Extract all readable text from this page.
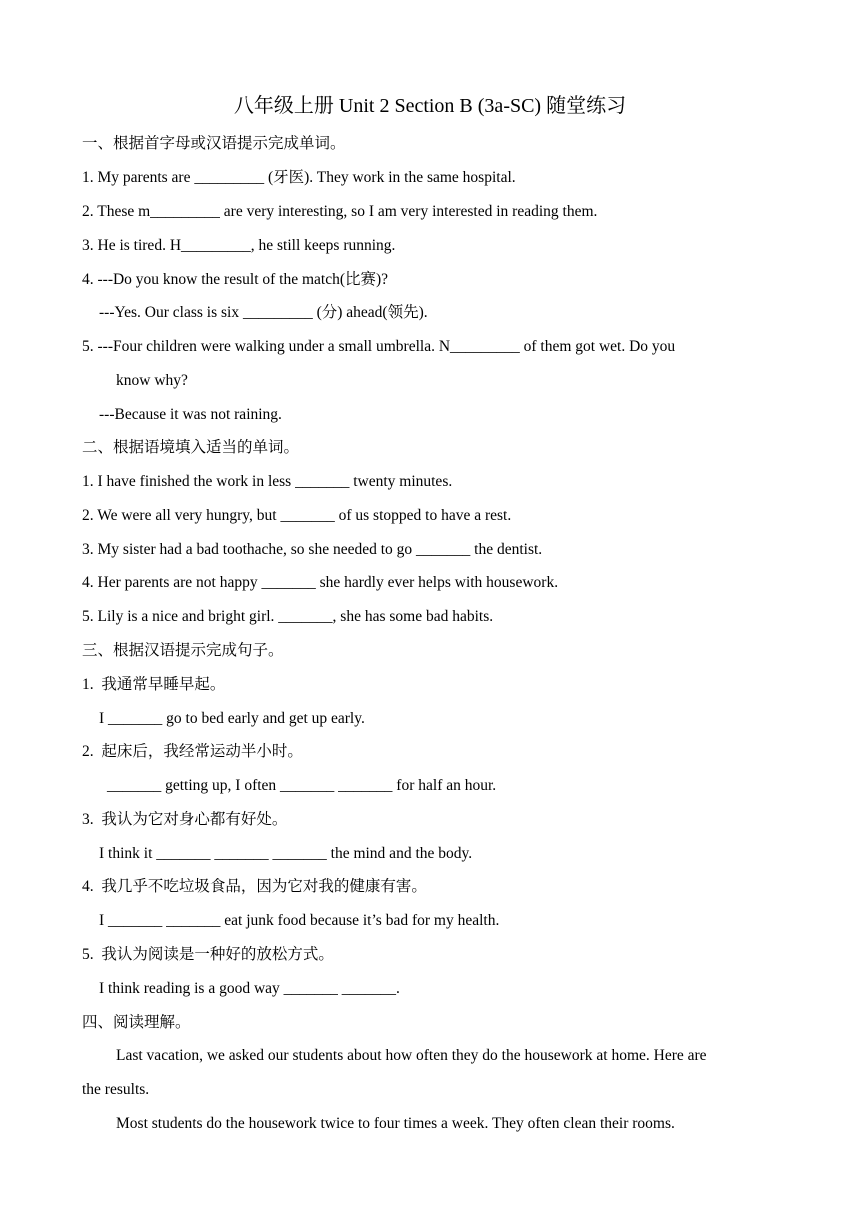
八年级上册 Unit 2 Section B (3a-SC) 随堂练习
一、根据首字母或汉语提示完成单词。
1. My parents are _________ (牙医). They work in the same hospital.
2. These m_________ are very interesting, so I am very interested in reading them.
3. He is tired. H_________, he still keeps running.
4. ---Do you know the result of the match(比赛)?
---Yes. Our class is six _________ (分) ahead(领先).
5. ---Four children were walking under a small umbrella. N_________ of them got wet. Do you
know why?
---Because it was not raining.
二、根据语境填入适当的单词。
1. I have finished the work in less _______ twenty minutes.
2. We were all very hungry, but _______ of us stopped to have a rest.
3. My sister had a bad toothache, so she needed to go _______ the dentist.
4. Her parents are not happy _______ she hardly ever helps with housework.
5. Lily is a nice and bright girl. _______, she has some bad habits.
三、根据汉语提示完成句子。
1.  我通常早睡早起。
I _______ go to bed early and get up early.
2.  起床后，我经常运动半小时。
_______ getting up, I often _______ _______ for half an hour.
3.  我认为它对身心都有好处。
I think it _______ _______ _______ the mind and the body.
4.  我几乎不吃垃圾食品，因为它对我的健康有害。
I _______ _______ eat junk food because it’s bad for my health.
5.  我认为阅读是一种好的放松方式。
I think reading is a good way _______ _______.
四、阅读理解。
Last vacation, we asked our students about how often they do the housework at home. Here are
the results.
Most students do the housework twice to four times a week. They often clean their rooms.
